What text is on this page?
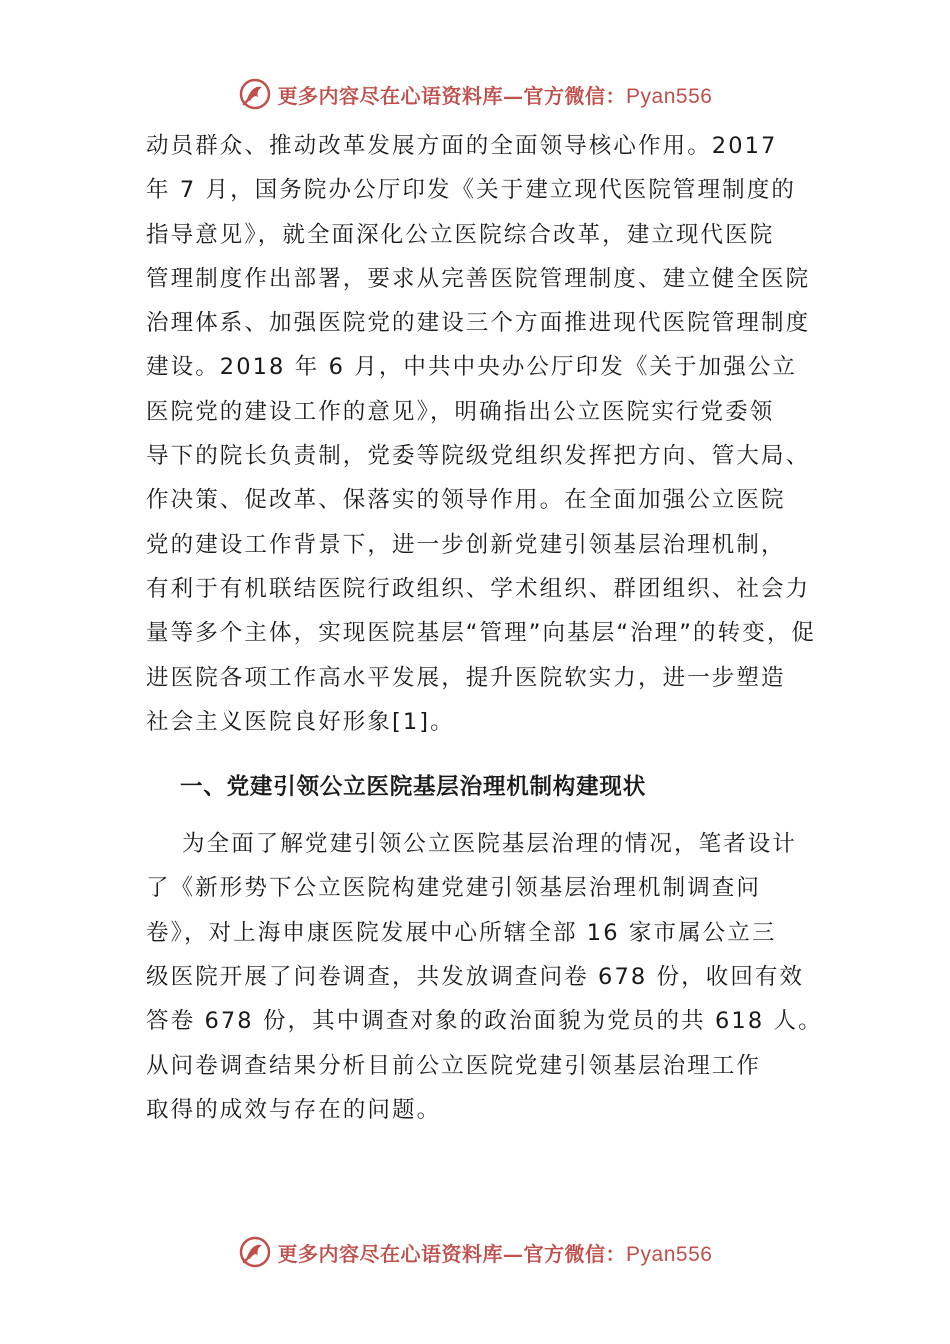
更多内容尽在心语资料库—官方微信：Pyan556
动员群众、推动改革发展方面的全面领导核心作用。2017
年 7 月，国务院办公厅印发《关于建立现代医院管理制度的
指导意见》，就全面深化公立医院综合改革，建立现代医院
管理制度作出部署，要求从完善医院管理制度、建立健全医院
治理体系、加强医院党的建设三个方面推进现代医院管理制度
建设。2018 年 6 月，中共中央办公厅印发《关于加强公立
医院党的建设工作的意见》，明确指出公立医院实行党委领
导下的院长负责制，党委等院级党组织发挥把方向、管大局、
作决策、促改革、保落实的领导作用。在全面加强公立医院
党的建设工作背景下，进一步创新党建引领基层治理机制，
有利于有机联结医院行政组织、学术组织、群团组织、社会力
量等多个主体，实现医院基层“管理”向基层“治理”的转变，促
进医院各项工作高水平发展，提升医院软实力，进一步塑造
社会主义医院良好形象[1]。
一、党建引领公立医院基层治理机制构建现状
为全面了解党建引领公立医院基层治理的情况，笔者设计
了《新形势下公立医院构建党建引领基层治理机制调查问
卷》，对上海申康医院发展中心所辖全部 16 家市属公立三
级医院开展了问卷调查，共发放调查问卷 678 份，收回有效
答卷 678 份，其中调查对象的政治面貌为党员的共 618 人。
从问卷调查结果分析目前公立医院党建引领基层治理工作
取得的成效与存在的问题。
更多内容尽在心语资料库—官方微信：Pyan556
